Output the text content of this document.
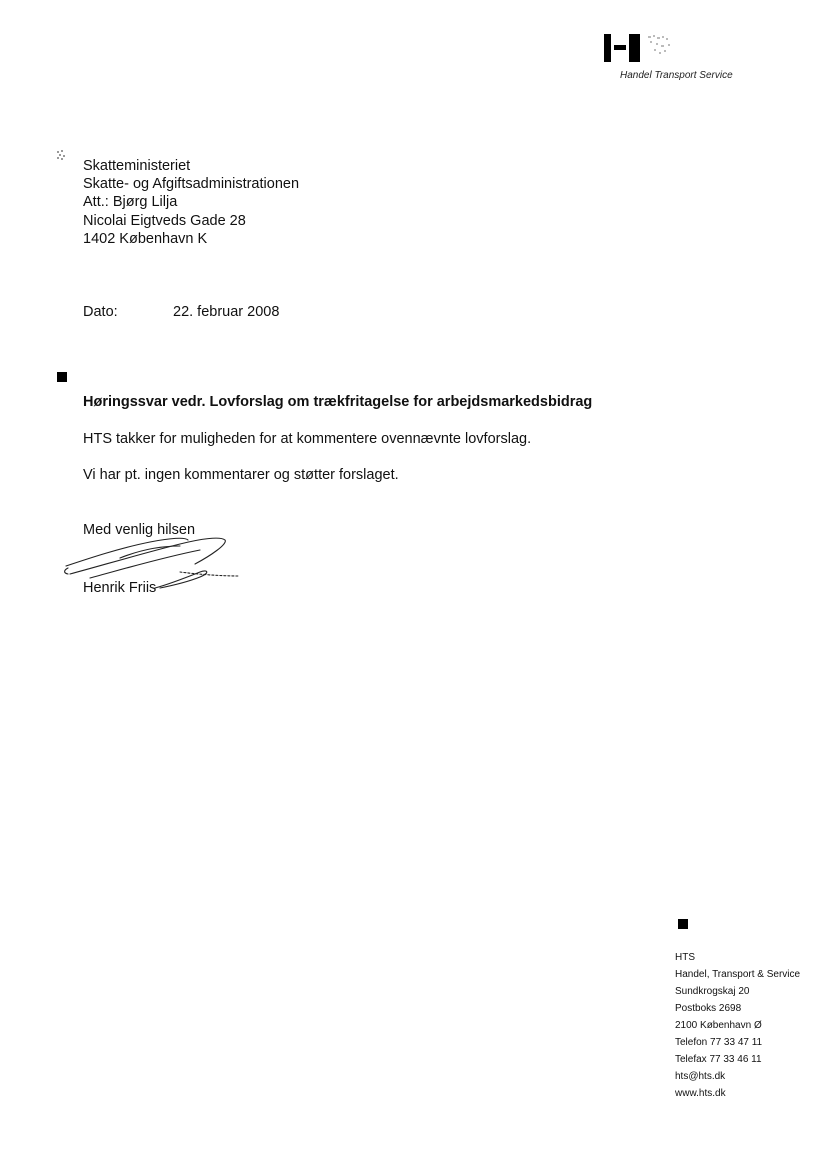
Handel Transport Service
Skatteministeriet
Skatte- og Afgiftsadministrationen
Att.: Bjørg Lilja
Nicolai Eigtveds Gade 28
1402 København K
Dato:	22. februar 2008
Høringssvar vedr. Lovforslag om trækfritagelse for arbejdsmarkedsbidrag
HTS takker for muligheden for at kommentere ovennævnte lovforslag.
Vi har pt. ingen kommentarer og støtter forslaget.
Med venlig hilsen
Henrik Friis
HTS
Handel, Transport & Service
Sundkrogskaj 20
Postboks 2698
2100 København Ø
Telefon 77 33 47 11
Telefax 77 33 46 11
hts@hts.dk
www.hts.dk
